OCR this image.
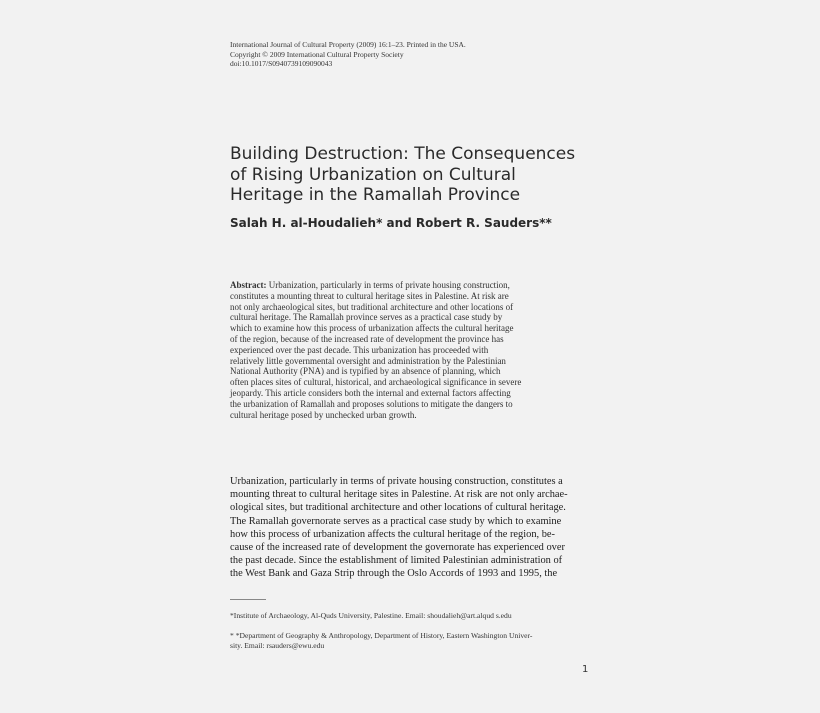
International Journal of Cultural Property (2009) 16:1–23. Printed in the USA.
Copyright © 2009 International Cultural Property Society
doi:10.1017/S0940739109090043
Building Destruction: The Consequences
of Rising Urbanization on Cultural
Heritage in the Ramallah Province
Salah H. al-Houdalieh* and Robert R. Sauders**
Abstract: Urbanization, particularly in terms of private housing construction,
constitutes a mounting threat to cultural heritage sites in Palestine. At risk are
not only archaeological sites, but traditional architecture and other locations of
cultural heritage. The Ramallah province serves as a practical case study by
which to examine how this process of urbanization affects the cultural heritage
of the region, because of the increased rate of development the province has
experienced over the past decade. This urbanization has proceeded with
relatively little governmental oversight and administration by the Palestinian
National Authority (PNA) and is typified by an absence of planning, which
often places sites of cultural, historical, and archaeological significance in severe
jeopardy. This article considers both the internal and external factors affecting
the urbanization of Ramallah and proposes solutions to mitigate the dangers to
cultural heritage posed by unchecked urban growth.
Urbanization, particularly in terms of private housing construction, constitutes a
mounting threat to cultural heritage sites in Palestine. At risk are not only archae-
ological sites, but traditional architecture and other locations of cultural heritage.
The Ramallah governorate serves as a practical case study by which to examine
how this process of urbanization affects the cultural heritage of the region, be-
cause of the increased rate of development the governorate has experienced over
the past decade. Since the establishment of limited Palestinian administration of
the West Bank and Gaza Strip through the Oslo Accords of 1993 and 1995, the
*Institute of Archaeology, Al-Quds University, Palestine. Email: shoudalieh@art.alqud s.edu
* *Department of Geography & Anthropology, Department of History, Eastern Washington Univer-
sity. Email: rsauders@ewu.edu
1
